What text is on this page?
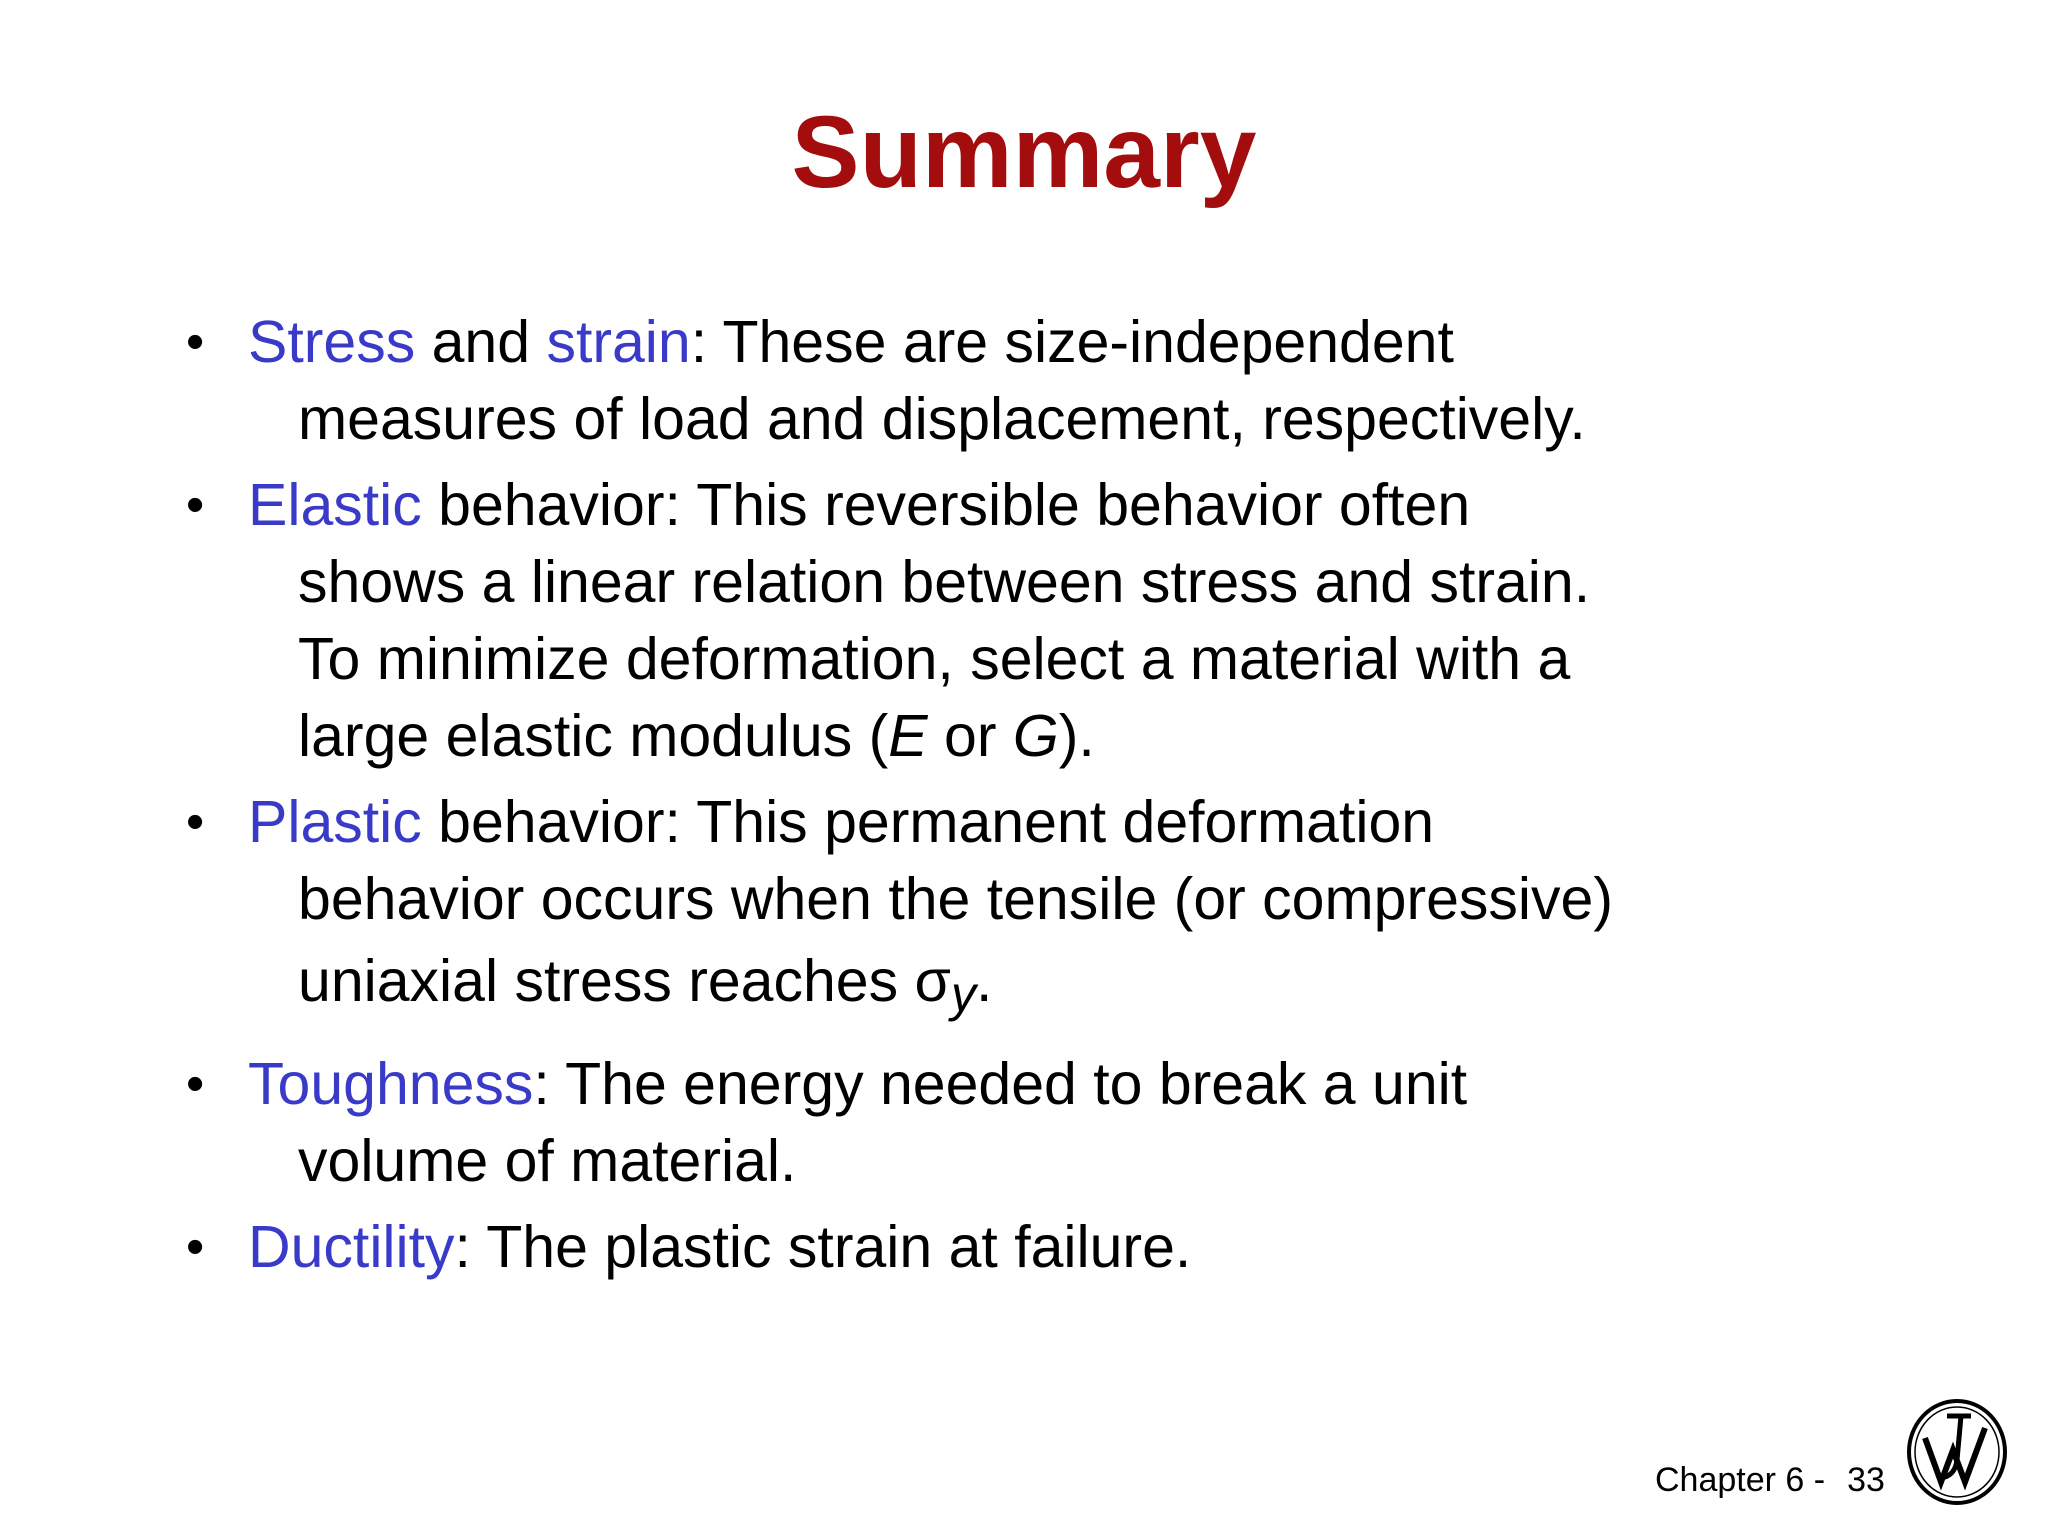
Summary
• Stress and strain: These are size-independent
measures of load and displacement, respectively.
• Elastic behavior: This reversible behavior often
shows a linear relation between stress and strain.
To minimize deformation, select a material with a
large elastic modulus (E or G).
• Plastic behavior: This permanent deformation
behavior occurs when the tensile (or compressive)
uniaxial stress reaches $\sigma_y$.
• Toughness: The energy needed to break a unit
volume of material.
• Ductility: The plastic strain at failure.
Chapter 6 - 33
